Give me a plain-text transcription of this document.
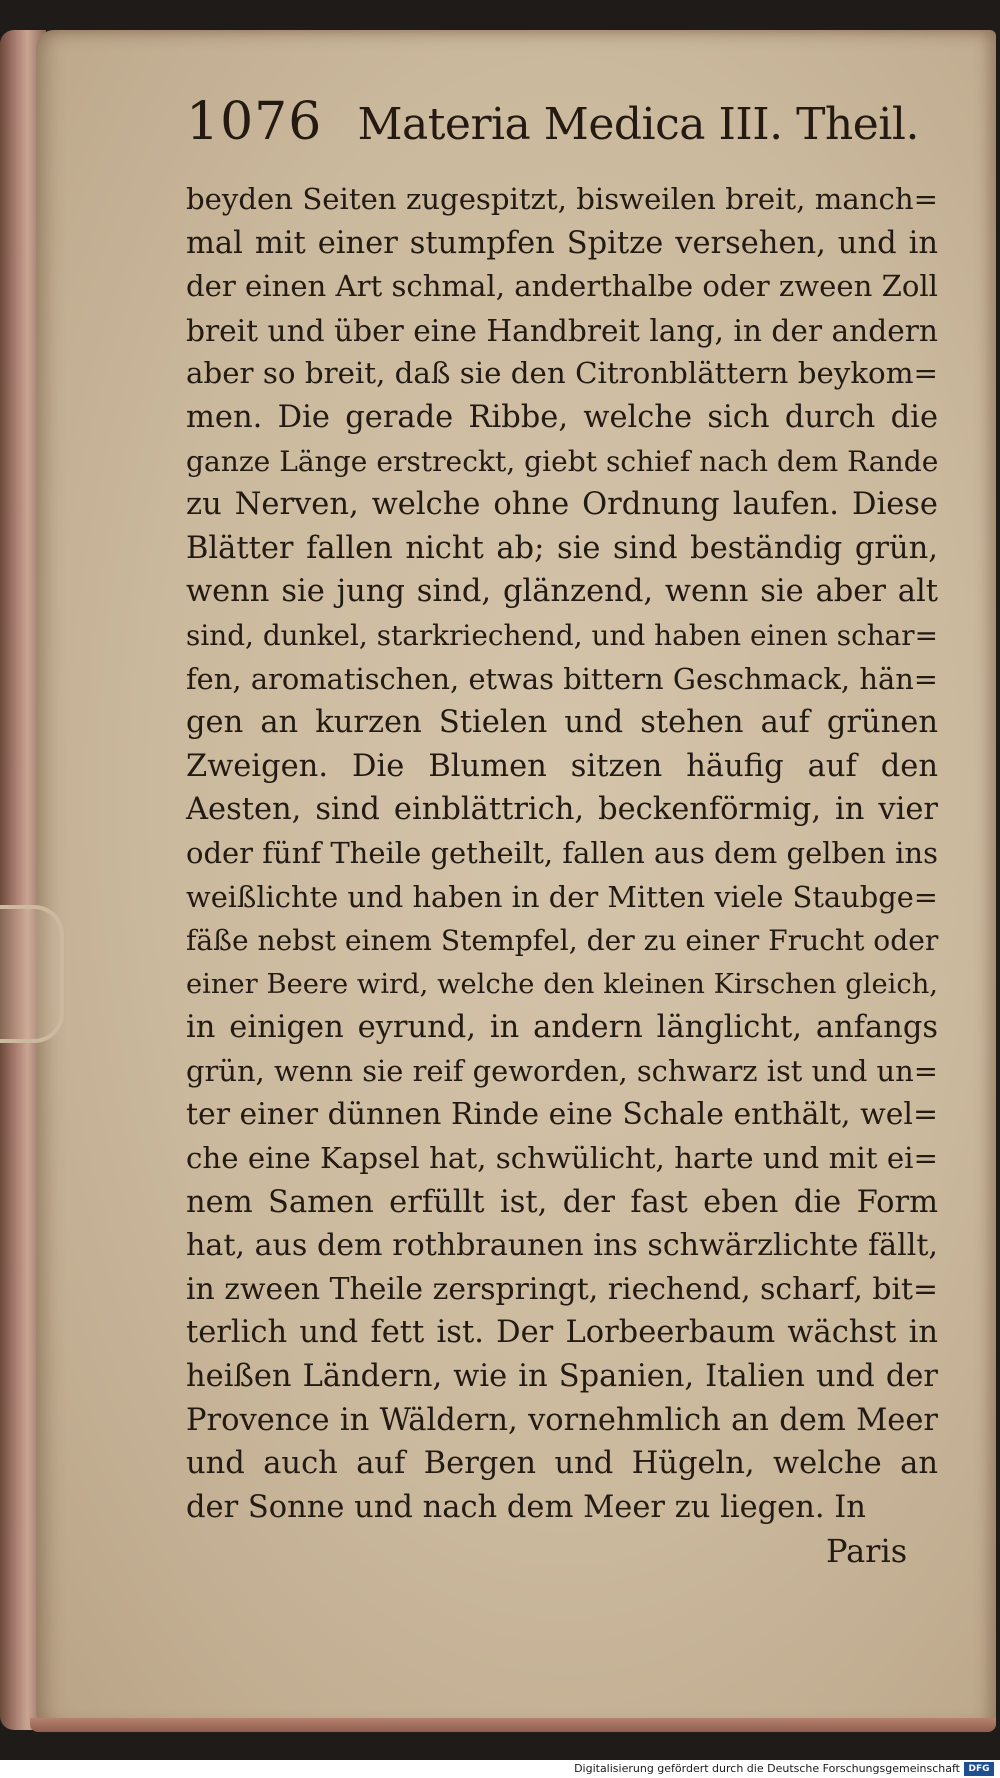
1076 Materia Medica III. Theil.
beyden Seiten zugespitzt, bisweilen breit, manch=
mal mit einer stumpfen Spitze versehen, und in
der einen Art schmal, anderthalbe oder zween Zoll
breit und über eine Handbreit lang, in der andern
aber so breit, daß sie den Citronblättern beykom=
men. Die gerade Ribbe, welche sich durch die
ganze Länge erstreckt, giebt schief nach dem Rande
zu Nerven, welche ohne Ordnung laufen. Diese
Blätter fallen nicht ab; sie sind beständig grün,
wenn sie jung sind, glänzend, wenn sie aber alt
sind, dunkel, starkriechend, und haben einen schar=
fen, aromatischen, etwas bittern Geschmack, hän=
gen an kurzen Stielen und stehen auf grünen
Zweigen. Die Blumen sitzen häufig auf den
Aesten, sind einblättrich, beckenförmig, in vier
oder fünf Theile getheilt, fallen aus dem gelben ins
weißlichte und haben in der Mitten viele Staubge=
fäße nebst einem Stempfel, der zu einer Frucht oder
einer Beere wird, welche den kleinen Kirschen gleich,
in einigen eyrund, in andern länglicht, anfangs
grün, wenn sie reif geworden, schwarz ist und un=
ter einer dünnen Rinde eine Schale enthält, wel=
che eine Kapsel hat, schwülicht, harte und mit ei=
nem Samen erfüllt ist, der fast eben die Form
hat, aus dem rothbraunen ins schwärzlichte fällt,
in zween Theile zerspringt, riechend, scharf, bit=
terlich und fett ist. Der Lorbeerbaum wächst in
heißen Ländern, wie in Spanien, Italien und der
Provence in Wäldern, vornehmlich an dem Meer
und auch auf Bergen und Hügeln, welche an
der Sonne und nach dem Meer zu liegen. In
Paris
Digitalisierung gefördert durch die Deutsche Forschungsgemeinschaft DFG
